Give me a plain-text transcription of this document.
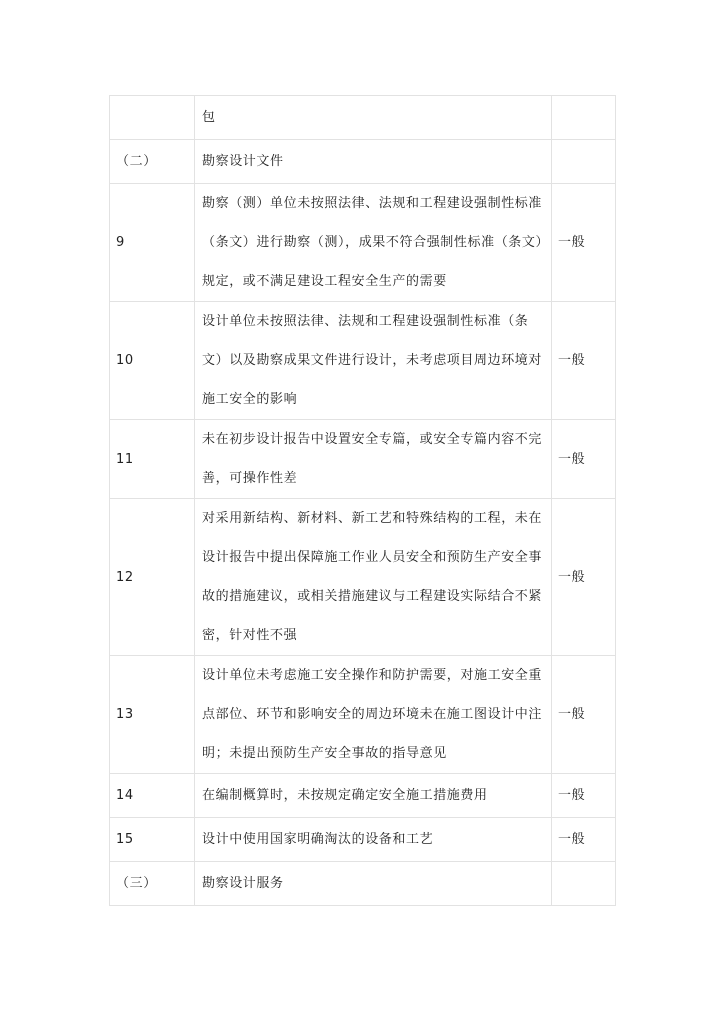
	包	
（二）	勘察设计文件	
9	勘察（测）单位未按照法律、法规和工程建设强制性标准（条文）进行勘察（测），成果不符合强制性标准（条文）规定，或不满足建设工程安全生产的需要	一般
10	设计单位未按照法律、法规和工程建设强制性标准（条文）以及勘察成果文件进行设计，未考虑项目周边环境对施工安全的影响	一般
11	未在初步设计报告中设置安全专篇，或安全专篇内容不完善，可操作性差	一般
12	对采用新结构、新材料、新工艺和特殊结构的工程，未在设计报告中提出保障施工作业人员安全和预防生产安全事故的措施建议，或相关措施建议与工程建设实际结合不紧密，针对性不强	一般
13	设计单位未考虑施工安全操作和防护需要，对施工安全重点部位、环节和影响安全的周边环境未在施工图设计中注明；未提出预防生产安全事故的指导意见	一般
14	在编制概算时，未按规定确定安全施工措施费用	一般
15	设计中使用国家明确淘汰的设备和工艺	一般
（三）	勘察设计服务	
